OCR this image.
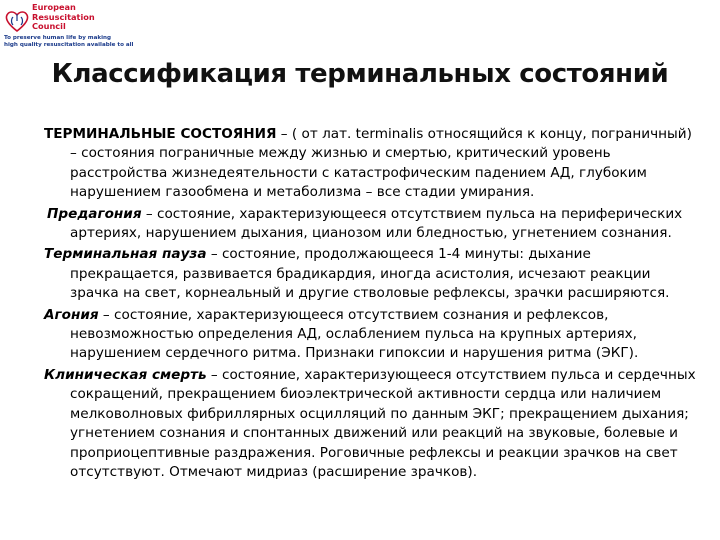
European
Resuscitation
Council
To preserve human life by making
high quality resuscitation available to all
Классификация терминальных состояний

ТЕРМИНАЛЬНЫЕ СОСТОЯНИЯ – ( от лат. terminalis относящийся к концу, пограничный) – состояния пограничные между жизнью и смертью, критический уровень расстройства жизнедеятельности с катастрофическим падением АД, глубоким нарушением газообмена и метаболизма – все стадии умирания.

Предагония – состояние, характеризующееся отсутствием пульса на периферических артериях, нарушением дыхания, цианозом или бледностью, угнетением сознания.

Терминальная пауза – состояние, продолжающееся 1-4 минуты: дыхание прекращается, развивается брадикардия, иногда асистолия, исчезают реакции зрачка на свет, корнеальный и другие стволовые рефлексы, зрачки расширяются.

Агония – состояние, характеризующееся отсутствием сознания и рефлексов, невозможностью определения АД, ослаблением пульса на крупных артериях, нарушением сердечного ритма. Признаки гипоксии и нарушения ритма (ЭКГ).

Клиническая смерть – состояние, характеризующееся отсутствием пульса и сердечных сокращений, прекращением биоэлектрической активности сердца или наличием мелковолновых фибриллярных осцилляций по данным ЭКГ; прекращением дыхания; угнетением сознания и спонтанных движений или реакций на звуковые, болевые и проприоцептивные раздражения. Роговичные рефлексы и реакции зрачков на свет отсутствуют. Отмечают мидриаз (расширение зрачков).
